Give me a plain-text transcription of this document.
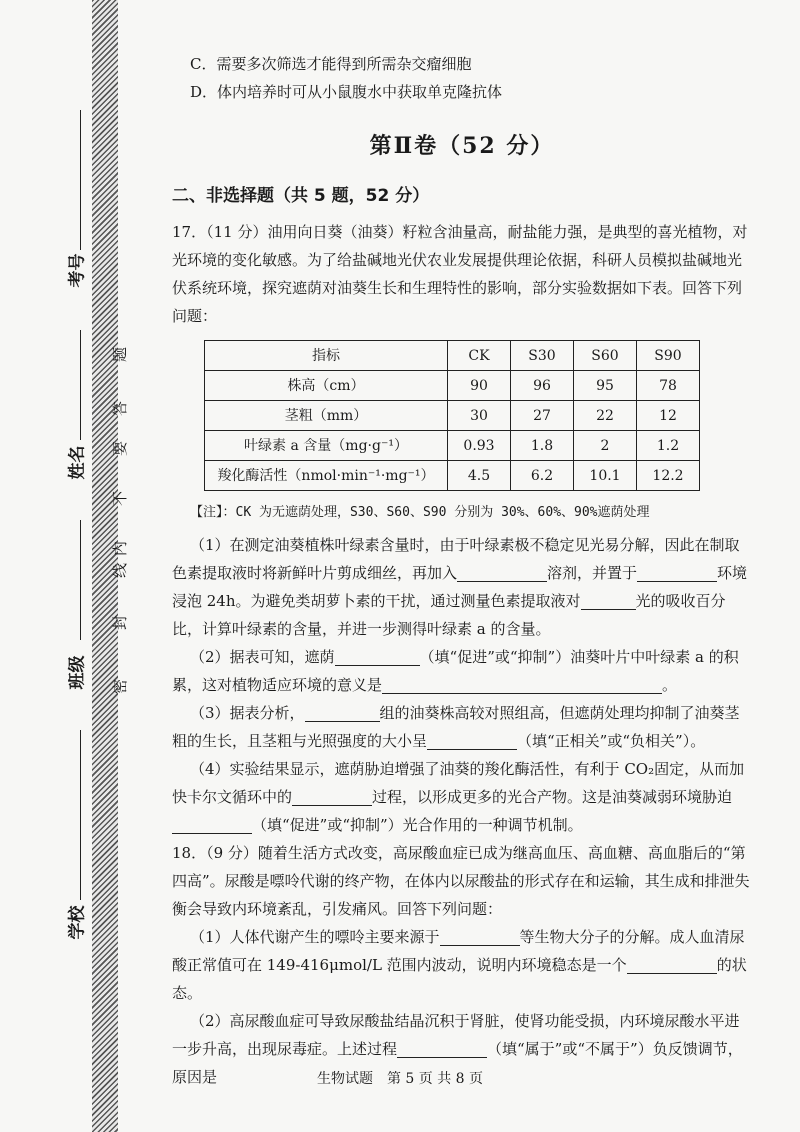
考号
姓名
班级
学校
密
封
线
内
不
要
答
题

C．需要多次筛选才能得到所需杂交瘤细胞

D．体内培养时可从小鼠腹水中获取单克隆抗体

第Ⅱ卷（52 分）
二、非选择题（共 5 题，52 分）

17．（11 分）油用向日葵（油葵）籽粒含油量高，耐盐能力强，是典型的喜光植物，对光环境的变化敏感。为了给盐碱地光伏农业发展提供理论依据，科研人员模拟盐碱地光伏系统环境，探究遮荫对油葵生长和生理特性的影响，部分实验数据如下表。回答下列问题：

指标	CK	S30	S60	S90
株高（cm）	90	96	95	78
茎粗（mm）	30	27	22	12
叶绿素 a 含量（mg·g⁻¹）	0.93	1.8	2	1.2
羧化酶活性（nmol·min⁻¹·mg⁻¹）	4.5	6.2	10.1	12.2

【注】：CK 为无遮荫处理，S30、S60、S90 分别为 30%、60%、90%遮荫处理

（1）在测定油葵植株叶绿素含量时，由于叶绿素极不稳定见光易分解，因此在制取色素提取液时将新鲜叶片剪成细丝，再加入	溶剂，并置于	环境浸泡 24h。为避免类胡萝卜素的干扰，通过测量色素提取液对	光的吸收百分比，计算叶绿素的含量，并进一步测得叶绿素 a 的含量。

（2）据表可知，遮荫	（填“促进”或“抑制”）油葵叶片中叶绿素 a 的积累，这对植物适应环境的意义是	。

（3）据表分析，	组的油葵株高较对照组高，但遮荫处理均抑制了油葵茎粗的生长，且茎粗与光照强度的大小呈	（填“正相关”或“负相关”）。

（4）实验结果显示，遮荫胁迫增强了油葵的羧化酶活性，有利于 CO₂固定，从而加快卡尔文循环中的	过程，以形成更多的光合产物。这是油葵减弱环境胁迫（填“促进”或“抑制”）光合作用的一种调节机制。

18．（9 分）随着生活方式改变，高尿酸血症已成为继高血压、高血糖、高血脂后的“第四高”。尿酸是嘌呤代谢的终产物，在体内以尿酸盐的形式存在和运输，其生成和排泄失衡会导致内环境紊乱，引发痛风。回答下列问题：

（1）人体代谢产生的嘌呤主要来源于	等生物大分子的分解。成人血清尿酸正常值可在 149-416μmol/L 范围内波动，说明内环境稳态是一个	的状态。

（2）高尿酸血症可导致尿酸盐结晶沉积于肾脏，使肾功能受损，内环境尿酸水平进一步升高，出现尿毒症。上述过程	（填“属于”或“不属于”）负反馈调节，原因是	生物试题　第 5 页 共 8 页
